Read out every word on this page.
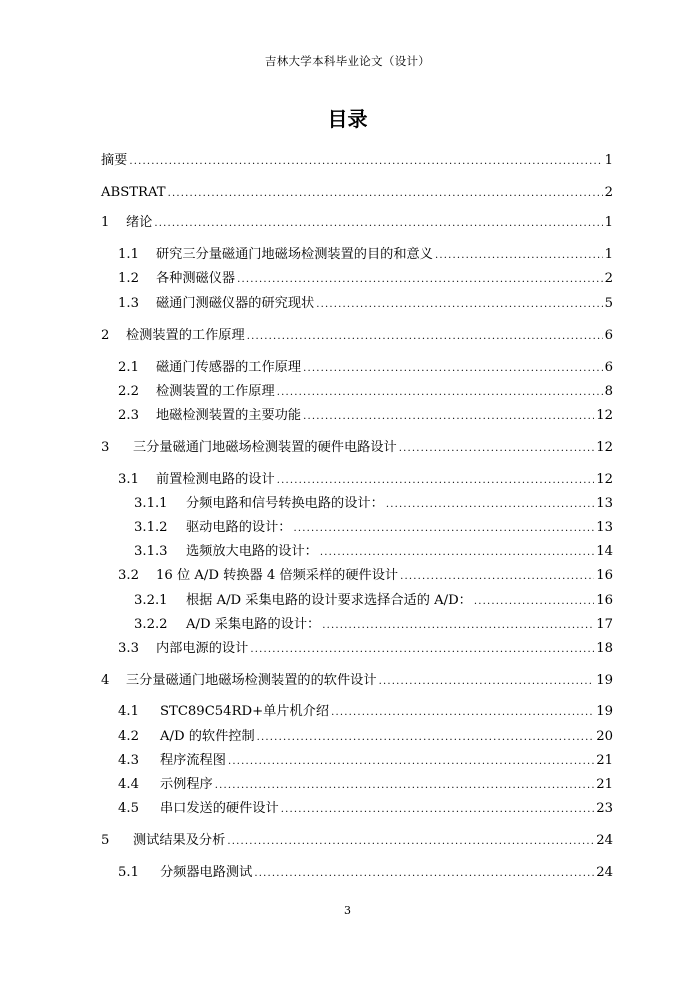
吉林大学本科毕业论文（设计）
目录
摘要 .....	1
ABSTRAT .....	2
1	绪论 .....	1
1.1	研究三分量磁通门地磁场检测装置的目的和意义 .....	1
1.2	各种测磁仪器 .....	2
1.3	磁通门测磁仪器的研究现状 .....	5
2	检测装置的工作原理 .....	6
2.1	磁通门传感器的工作原理 .....	6
2.2	检测装置的工作原理 .....	8
2.3	地磁检测装置的主要功能 .....	12
3	三分量磁通门地磁场检测装置的硬件电路设计 .....	12
3.1	前置检测电路的设计 .....	12
3.1.1	分频电路和信号转换电路的设计： .....	13
3.1.2	驱动电路的设计： .....	13
3.1.3	选频放大电路的设计： .....	14
3.2	16 位 A/D 转换器 4 倍频采样的硬件设计 .....	16
3.2.1	根据 A/D 采集电路的设计要求选择合适的 A/D： .....	16
3.2.2	A/D 采集电路的设计： .....	17
3.3	内部电源的设计 .....	18
4	三分量磁通门地磁场检测装置的的软件设计 .....	19
4.1	STC89C54RD+单片机介绍 .....	19
4.2	A/D 的软件控制 .....	20
4.3	程序流程图 .....	21
4.4	示例程序 .....	21
4.5	串口发送的硬件设计 .....	23
5	测试结果及分析 .....	24
5.1	分频器电路测试 .....	24
3
